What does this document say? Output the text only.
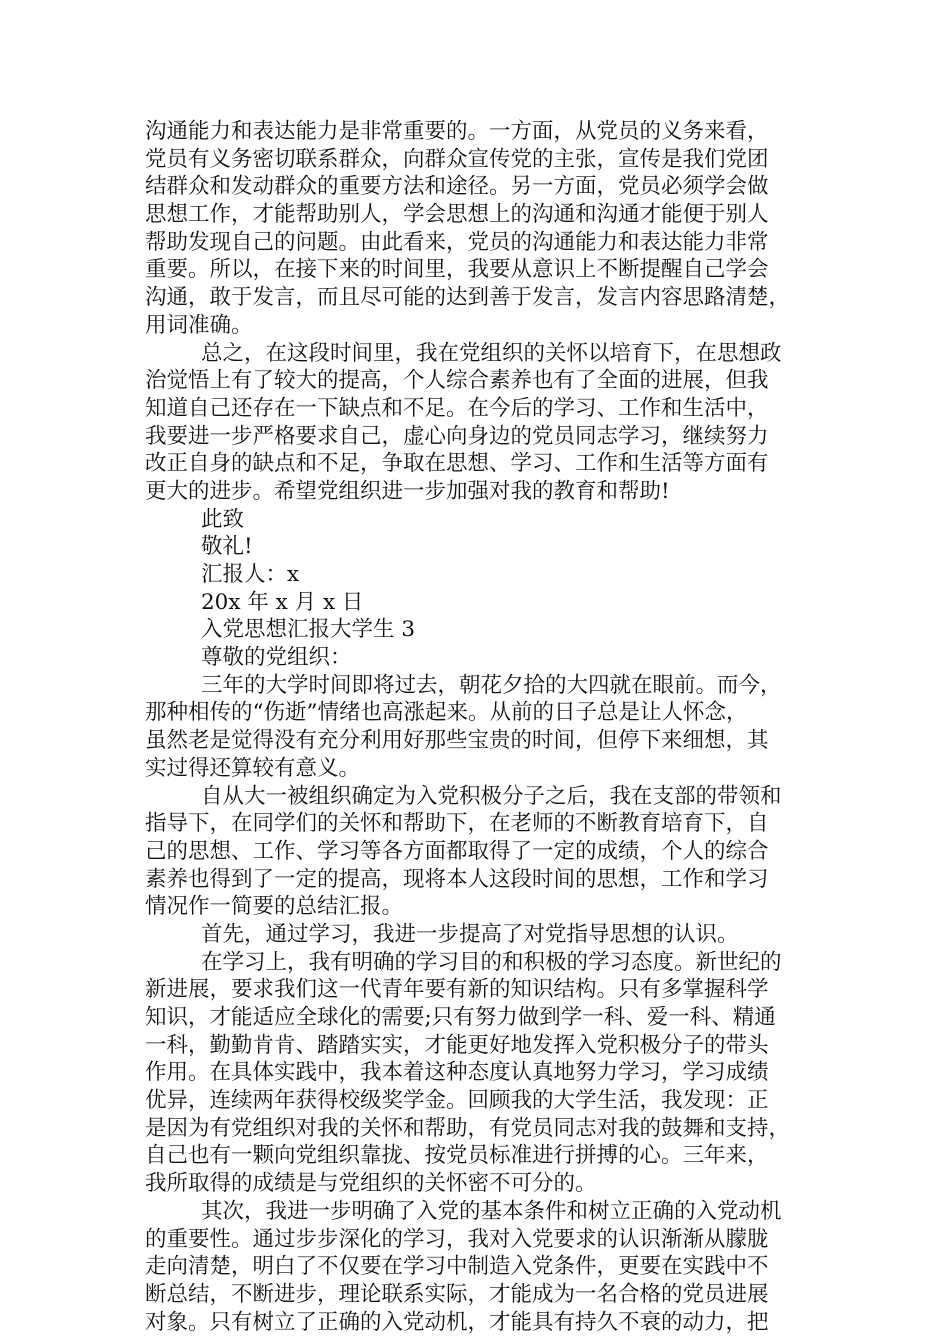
沟通能力和表达能力是非常重要的。一方面，从党员的义务来看，
党员有义务密切联系群众，向群众宣传党的主张，宣传是我们党团
结群众和发动群众的重要方法和途径。另一方面，党员必须学会做
思想工作，才能帮助别人，学会思想上的沟通和沟通才能便于别人
帮助发现自己的问题。由此看来，党员的沟通能力和表达能力非常
重要。所以，在接下来的时间里，我要从意识上不断提醒自己学会
沟通，敢于发言，而且尽可能的达到善于发言，发言内容思路清楚，
用词准确。
总之，在这段时间里，我在党组织的关怀以培育下，在思想政
治觉悟上有了较大的提高，个人综合素养也有了全面的进展，但我
知道自己还存在一下缺点和不足。在今后的学习、工作和生活中，
我要进一步严格要求自己，虚心向身边的党员同志学习，继续努力
改正自身的缺点和不足，争取在思想、学习、工作和生活等方面有
更大的进步。希望党组织进一步加强对我的教育和帮助!
此致
敬礼!
汇报人：x
20x 年 x 月 x 日
入党思想汇报大学生 3
尊敬的党组织：
三年的大学时间即将过去，朝花夕拾的大四就在眼前。而今，
那种相传的“伤逝”情绪也高涨起来。从前的日子总是让人怀念，
虽然老是觉得没有充分利用好那些宝贵的时间，但停下来细想，其
实过得还算较有意义。
自从大一被组织确定为入党积极分子之后，我在支部的带领和
指导下，在同学们的关怀和帮助下，在老师的不断教育培育下，自
己的思想、工作、学习等各方面都取得了一定的成绩，个人的综合
素养也得到了一定的提高，现将本人这段时间的思想，工作和学习
情况作一简要的总结汇报。
首先，通过学习，我进一步提高了对党指导思想的认识。
在学习上，我有明确的学习目的和积极的学习态度。新世纪的
新进展，要求我们这一代青年要有新的知识结构。只有多掌握科学
知识，才能适应全球化的需要;只有努力做到学一科、爱一科、精通
一科，勤勤肯肯、踏踏实实，才能更好地发挥入党积极分子的带头
作用。在具体实践中，我本着这种态度认真地努力学习，学习成绩
优异，连续两年获得校级奖学金。回顾我的大学生活，我发现：正
是因为有党组织对我的关怀和帮助，有党员同志对我的鼓舞和支持，
自己也有一颗向党组织靠拢、按党员标准进行拼搏的心。三年来，
我所取得的成绩是与党组织的关怀密不可分的。
其次，我进一步明确了入党的基本条件和树立正确的入党动机
的重要性。通过步步深化的学习，我对入党要求的认识渐渐从朦胧
走向清楚，明白了不仅要在学习中制造入党条件，更要在实践中不
断总结，不断进步，理论联系实际，才能成为一名合格的党员进展
对象。只有树立了正确的入党动机，才能具有持久不衰的动力，把
